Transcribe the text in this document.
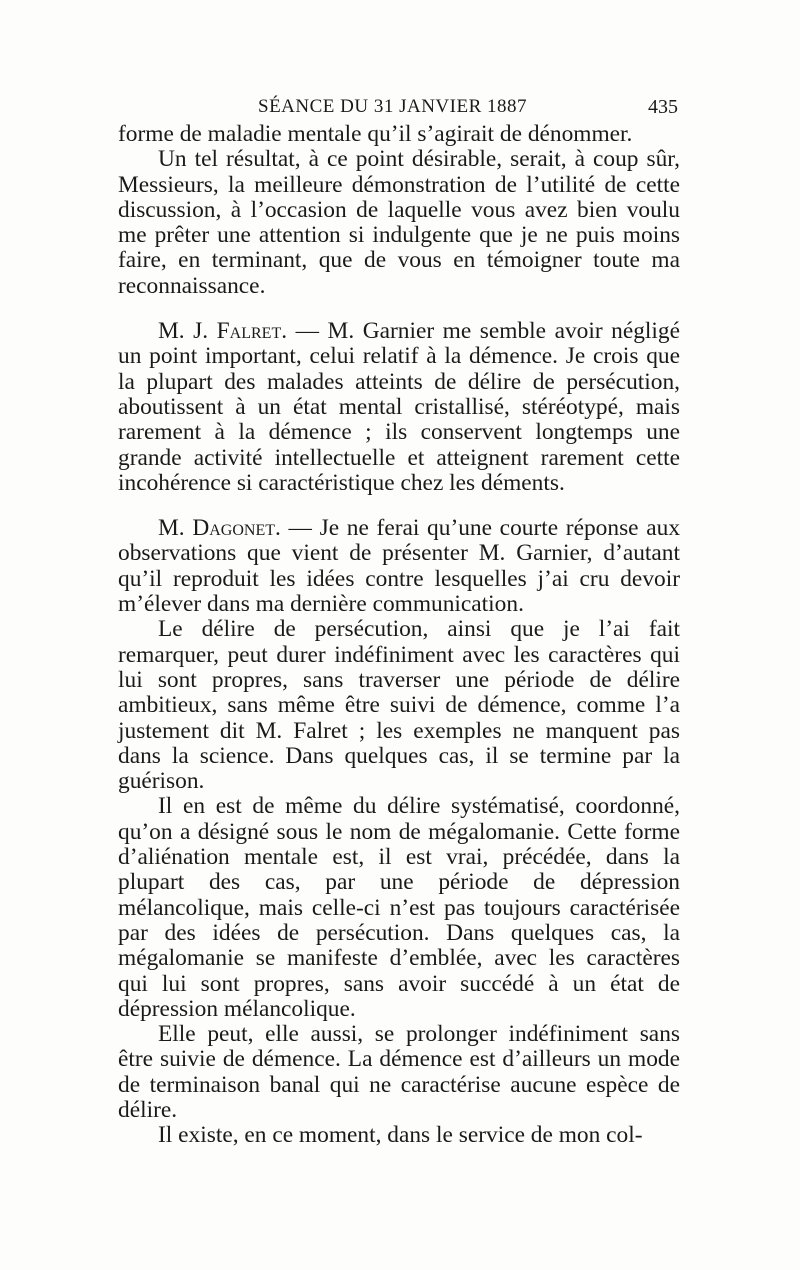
SÉANCE DU 31 JANVIER 1887	435

forme de maladie mentale qu’il s’agirait de dénommer.

Un tel résultat, à ce point désirable, serait, à coup sûr, Messieurs, la meilleure démonstration de l’utilité de cette discussion, à l’occasion de laquelle vous avez bien voulu me prêter une attention si indulgente que je ne puis moins faire, en terminant, que de vous en témoigner toute ma reconnaissance.

M. J. Falret. — M. Garnier me semble avoir négligé un point important, celui relatif à la démence. Je crois que la plupart des malades atteints de délire de persécution, aboutissent à un état mental cristallisé, stéréotypé, mais rarement à la démence ; ils conservent longtemps une grande activité intellectuelle et atteignent rarement cette incohérence si caractéristique chez les déments.

M. Dagonet. — Je ne ferai qu’une courte réponse aux observations que vient de présenter M. Garnier, d’autant qu’il reproduit les idées contre lesquelles j’ai cru devoir m’élever dans ma dernière communication.

Le délire de persécution, ainsi que je l’ai fait remarquer, peut durer indéfiniment avec les caractères qui lui sont propres, sans traverser une période de délire ambitieux, sans même être suivi de démence, comme l’a justement dit M. Falret ; les exemples ne manquent pas dans la science. Dans quelques cas, il se termine par la guérison.

Il en est de même du délire systématisé, coordonné, qu’on a désigné sous le nom de mégalomanie. Cette forme d’aliénation mentale est, il est vrai, précédée, dans la plupart des cas, par une période de dépression mélancolique, mais celle-ci n’est pas toujours caractérisée par des idées de persécution. Dans quelques cas, la mégalomanie se manifeste d’emblée, avec les caractères qui lui sont propres, sans avoir succédé à un état de dépression mélancolique.

Elle peut, elle aussi, se prolonger indéfiniment sans être suivie de démence. La démence est d’ailleurs un mode de terminaison banal qui ne caractérise aucune espèce de délire.

Il existe, en ce moment, dans le service de mon col-
